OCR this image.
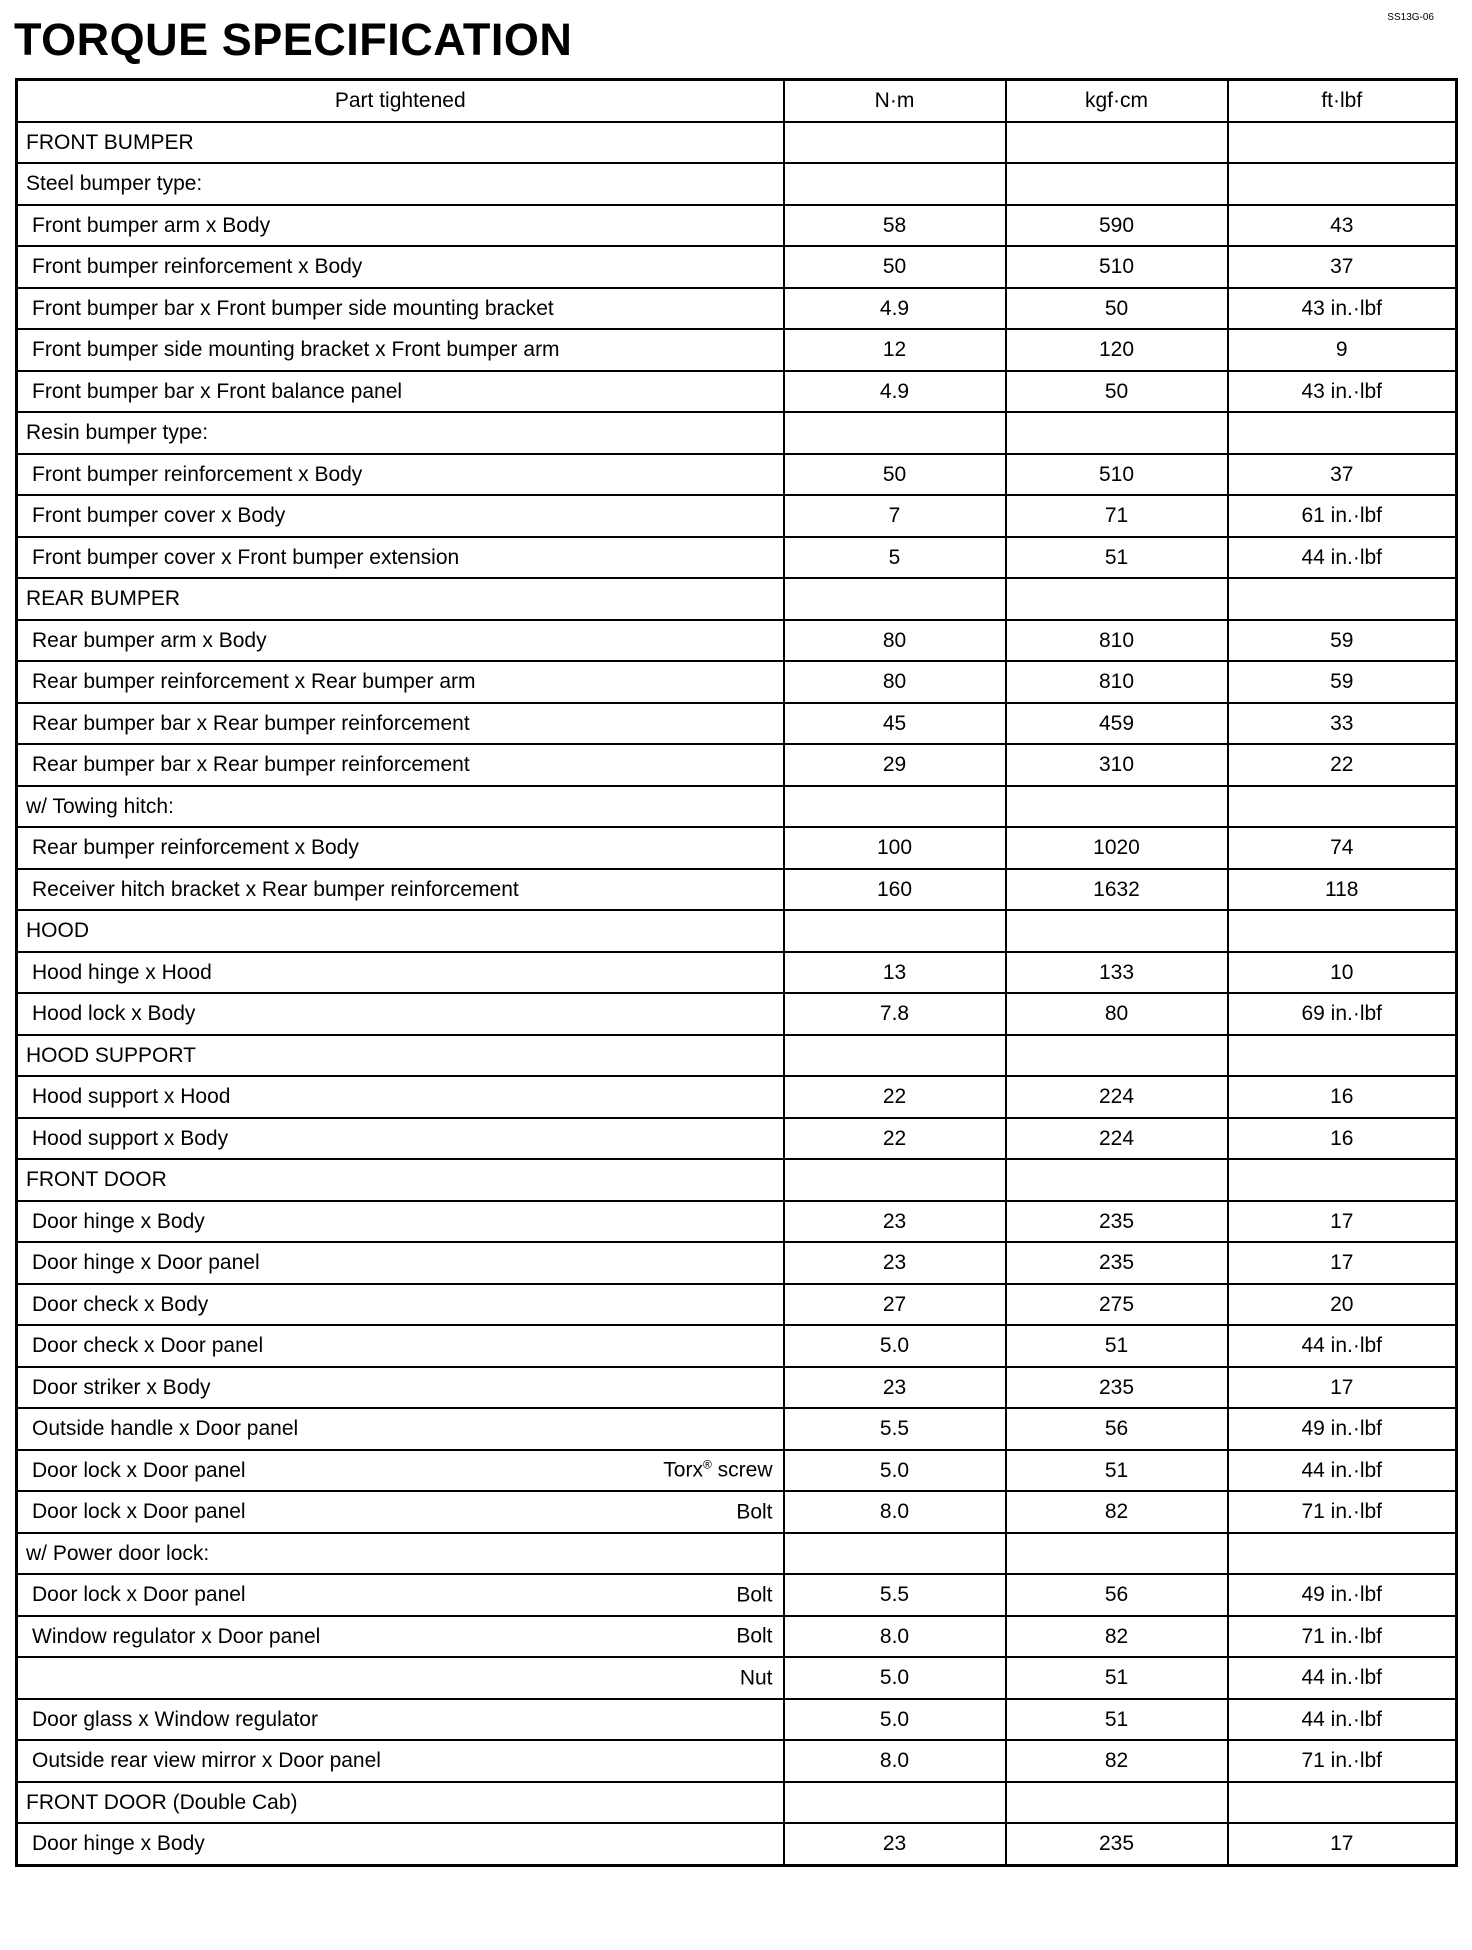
SS13G-06
TORQUE SPECIFICATION
Part tightened	N·m	kgf·cm	ft·lbf
FRONT BUMPER			
Steel bumper type:			
Front bumper arm x Body	58	590	43
Front bumper reinforcement x Body	50	510	37
Front bumper bar x Front bumper side mounting bracket	4.9	50	43 in.·lbf
Front bumper side mounting bracket x Front bumper arm	12	120	9
Front bumper bar x Front balance panel	4.9	50	43 in.·lbf
Resin bumper type:			
Front bumper reinforcement x Body	50	510	37
Front bumper cover x Body	7	71	61 in.·lbf
Front bumper cover x Front bumper extension	5	51	44 in.·lbf
REAR BUMPER			
Rear bumper arm x Body	80	810	59
Rear bumper reinforcement x Rear bumper arm	80	810	59
Rear bumper bar x Rear bumper reinforcement	45	459	33
Rear bumper bar x Rear bumper reinforcement	29	310	22
w/ Towing hitch:			
Rear bumper reinforcement x Body	100	1020	74
Receiver hitch bracket x Rear bumper reinforcement	160	1632	118
HOOD			
Hood hinge x Hood	13	133	10
Hood lock x Body	7.8	80	69 in.·lbf
HOOD SUPPORT			
Hood support x Hood	22	224	16
Hood support x Body	22	224	16
FRONT DOOR			
Door hinge x Body	23	235	17
Door hinge x Door panel	23	235	17
Door check x Body	27	275	20
Door check x Door panel	5.0	51	44 in.·lbf
Door striker x Body	23	235	17
Outside handle x Door panel	5.5	56	49 in.·lbf
Door lock x Door panel Torx® screw	5.0	51	44 in.·lbf
Door lock x Door panel Bolt	8.0	82	71 in.·lbf
w/ Power door lock:			
Door lock x Door panel Bolt	5.5	56	49 in.·lbf
Window regulator x Door panel Bolt	8.0	82	71 in.·lbf

Nut	5.0	51	44 in.·lbf
Door glass x Window regulator	5.0	51	44 in.·lbf
Outside rear view mirror x Door panel	8.0	82	71 in.·lbf
FRONT DOOR (Double Cab)			
Door hinge x Body	23	235	17
